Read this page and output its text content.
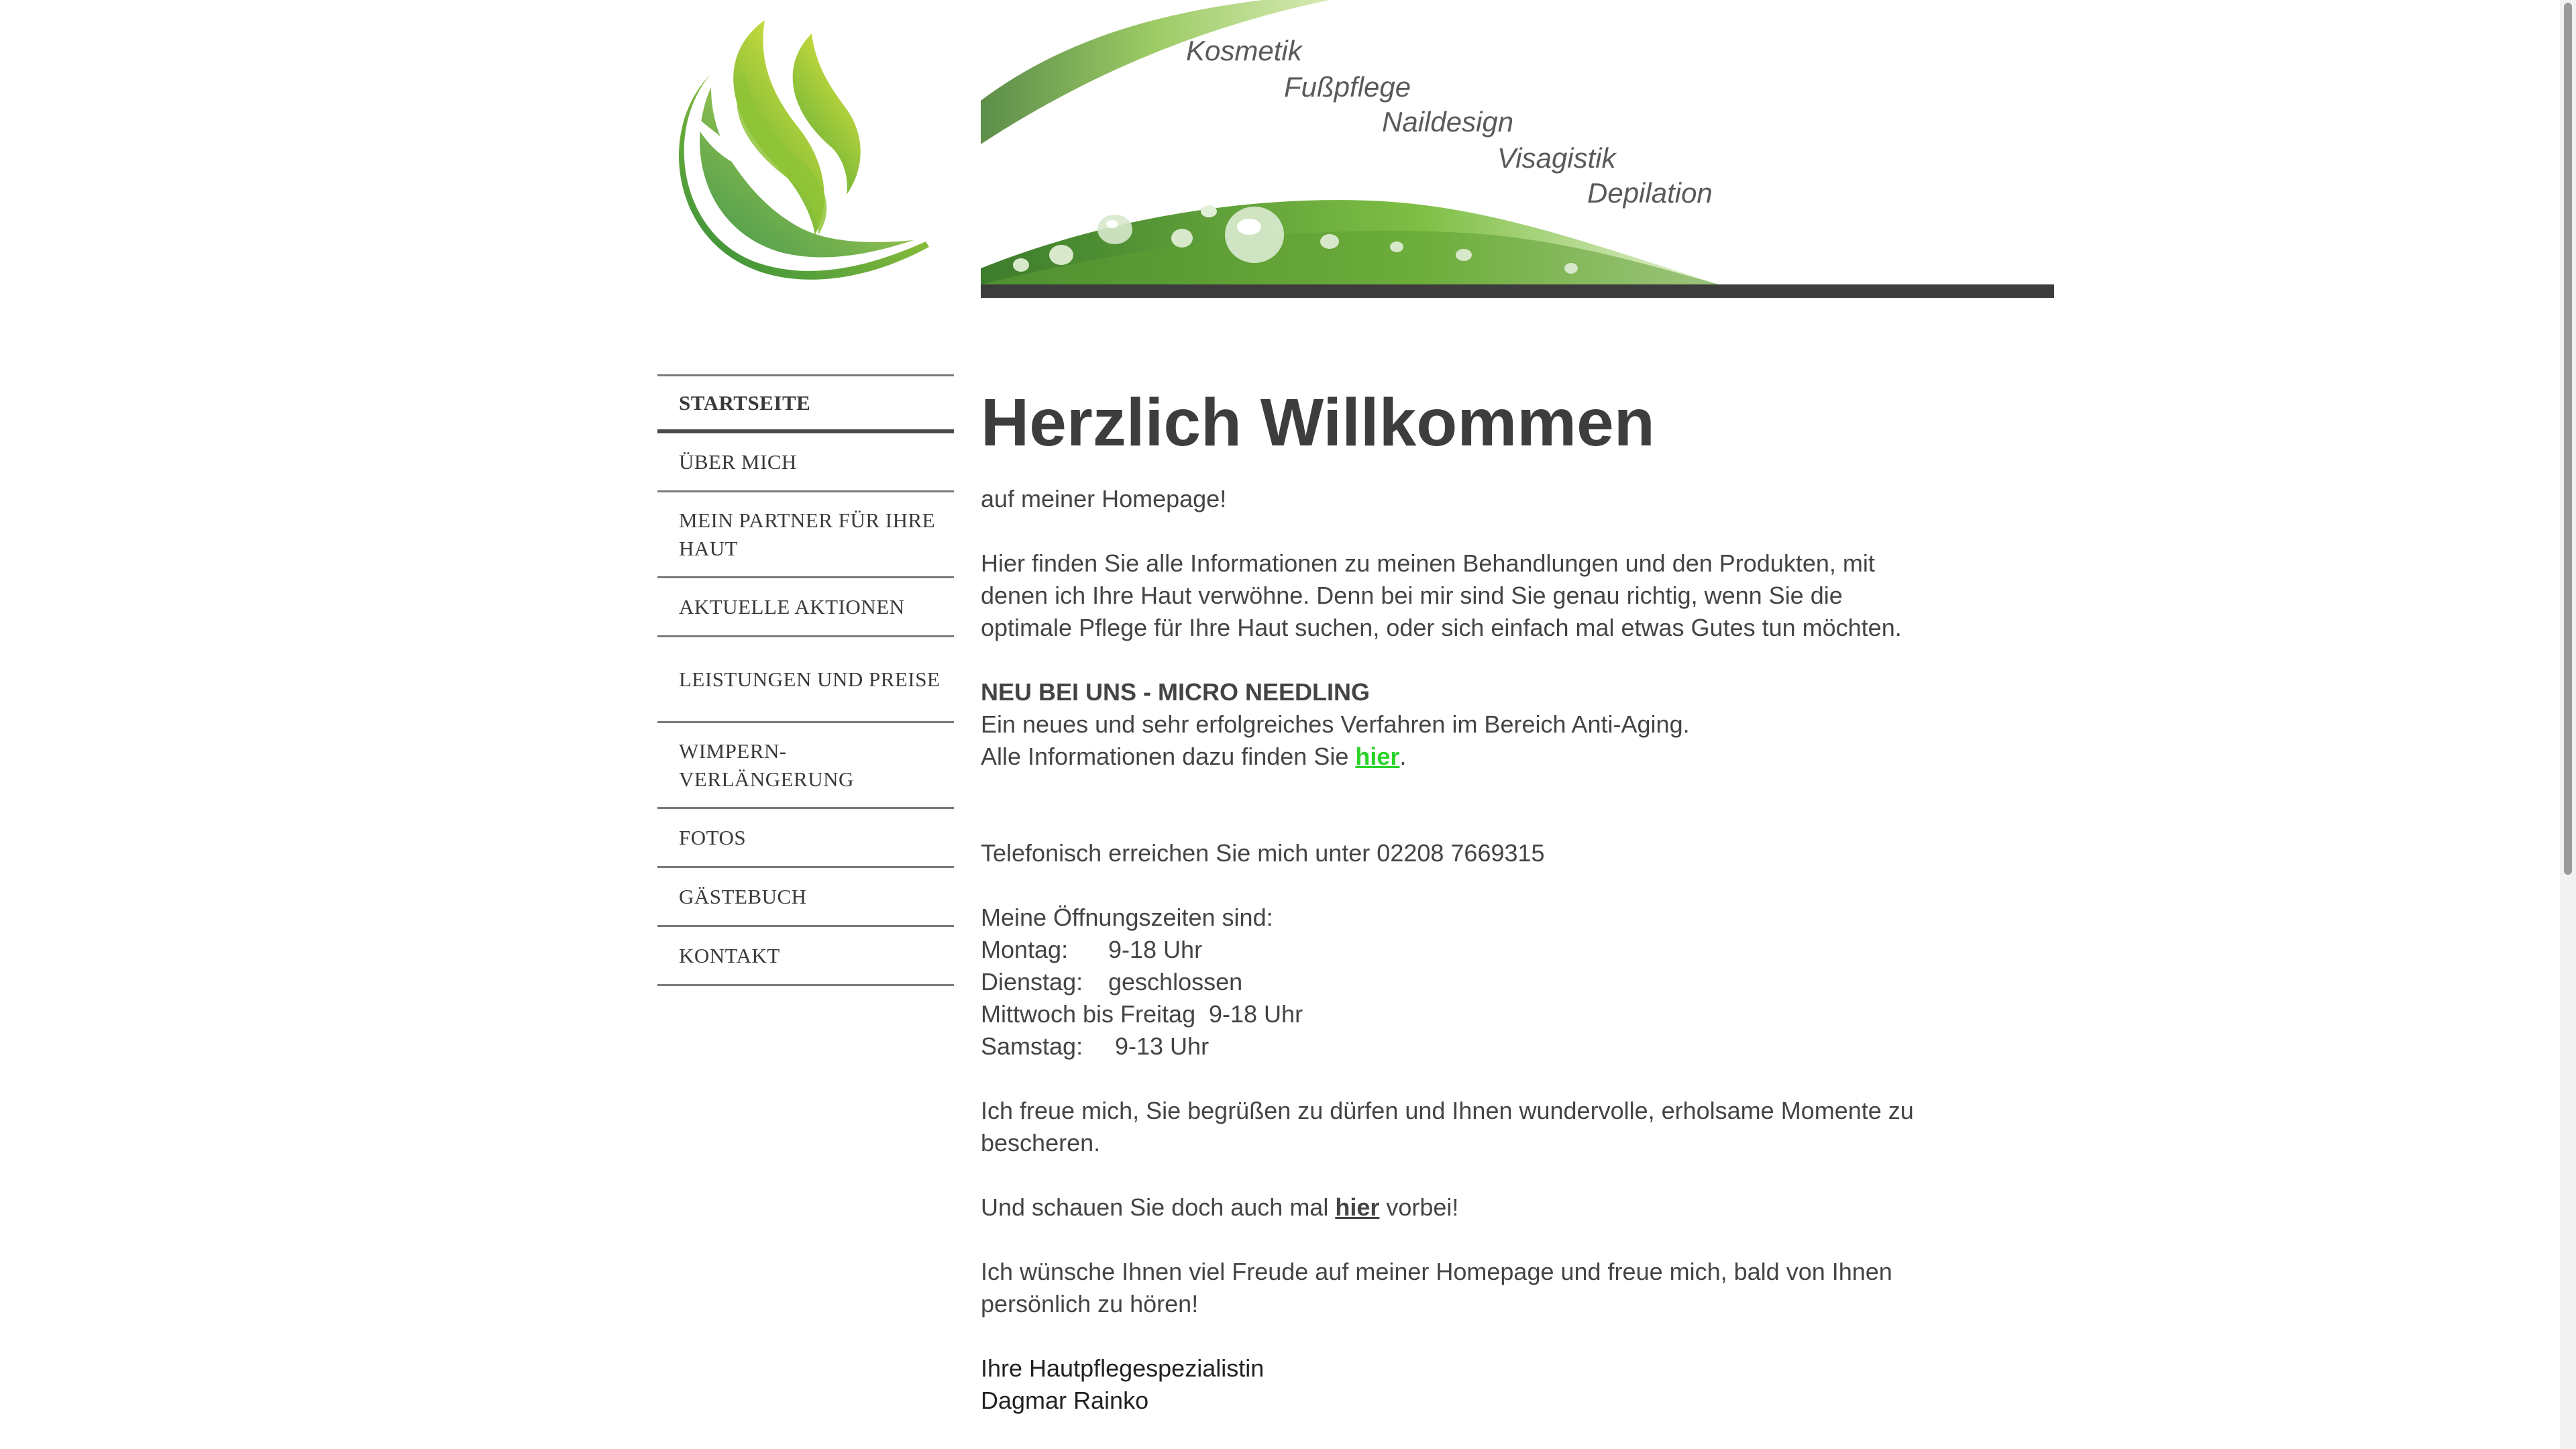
Kosmetik
Fußpflege
Naildesign
Visagistik
Depilation
STARTSEITE
ÜBER MICH
MEIN PARTNER FÜR IHRE HAUT
AKTUELLE AKTIONEN
LEISTUNGEN UND PREISE
WIMPERN-VERLÄNGERUNG
FOTOS
GÄSTEBUCH
KONTAKT
Herzlich Willkommen

auf meiner Homepage!

Hier finden Sie alle Informationen zu meinen Behandlungen und den Produkten, mit denen ich Ihre Haut verwöhne. Denn bei mir sind Sie genau richtig, wenn Sie die optimale Pflege für Ihre Haut suchen, oder sich einfach mal etwas Gutes tun möchten.

NEU BEI UNS - MICRO NEEDLING

Ein neues und sehr erfolgreiches Verfahren im Bereich Anti-Aging.

Alle Informationen dazu finden Sie hier.

Telefonisch erreichen Sie mich unter 02208 7669315

Meine Öffnungszeiten sind:

Montag: 9-18 Uhr

Dienstag: geschlossen

Mittwoch bis Freitag 9-18 Uhr

Samstag: 9-13 Uhr

Ich freue mich, Sie begrüßen zu dürfen und Ihnen wundervolle, erholsame Momente zu bescheren.

Und schauen Sie doch auch mal hier vorbei!

Ich wünsche Ihnen viel Freude auf meiner Homepage und freue mich, bald von Ihnen persönlich zu hören!

Ihre Hautpflegespezialistin

Dagmar Rainko
